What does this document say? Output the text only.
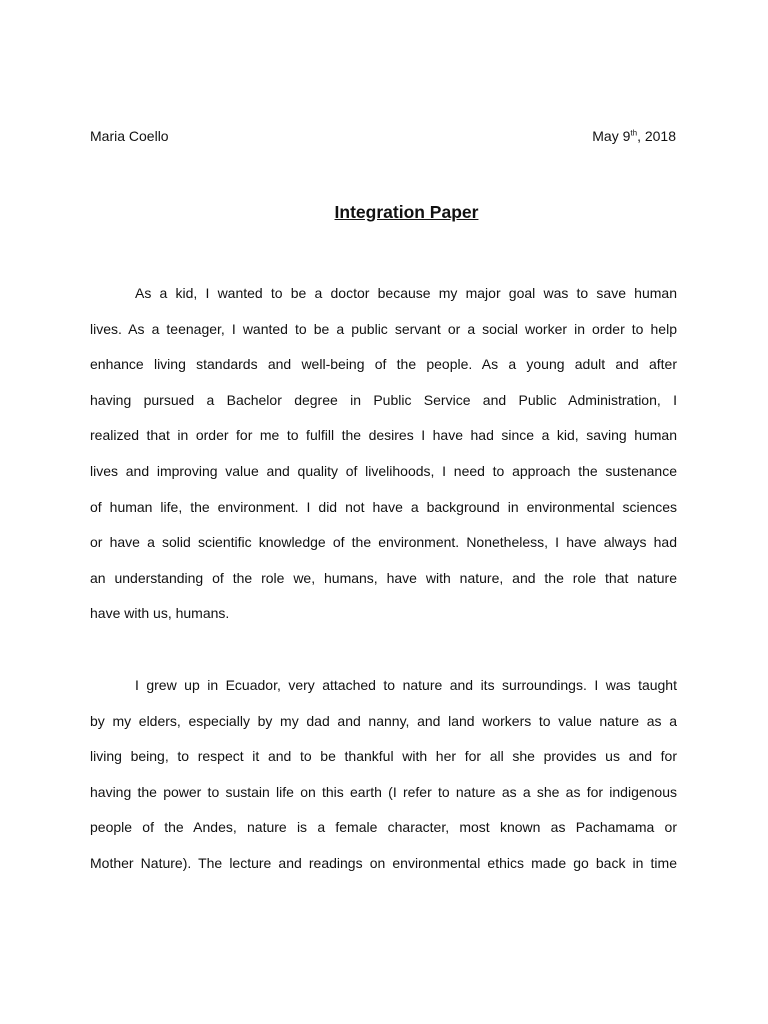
Maria Coello	May 9th, 2018
Integration Paper
As a kid, I wanted to be a doctor because my major goal was to save human
lives. As a teenager, I wanted to be a public servant or a social worker in order to help
enhance living standards and well-being of the people. As a young adult and after
having pursued a Bachelor degree in Public Service and Public Administration, I
realized that in order for me to fulfill the desires I have had since a kid, saving human
lives and improving value and quality of livelihoods, I need to approach the sustenance
of human life, the environment. I did not have a background in environmental sciences
or have a solid scientific knowledge of the environment. Nonetheless, I have always had
an understanding of the role we, humans, have with nature, and the role that nature
have with us, humans.
I grew up in Ecuador, very attached to nature and its surroundings. I was taught
by my elders, especially by my dad and nanny, and land workers to value nature as a
living being, to respect it and to be thankful with her for all she provides us and for
having the power to sustain life on this earth (I refer to nature as a she as for indigenous
people of the Andes, nature is a female character, most known as Pachamama or
Mother Nature). The lecture and readings on environmental ethics made go back in time
